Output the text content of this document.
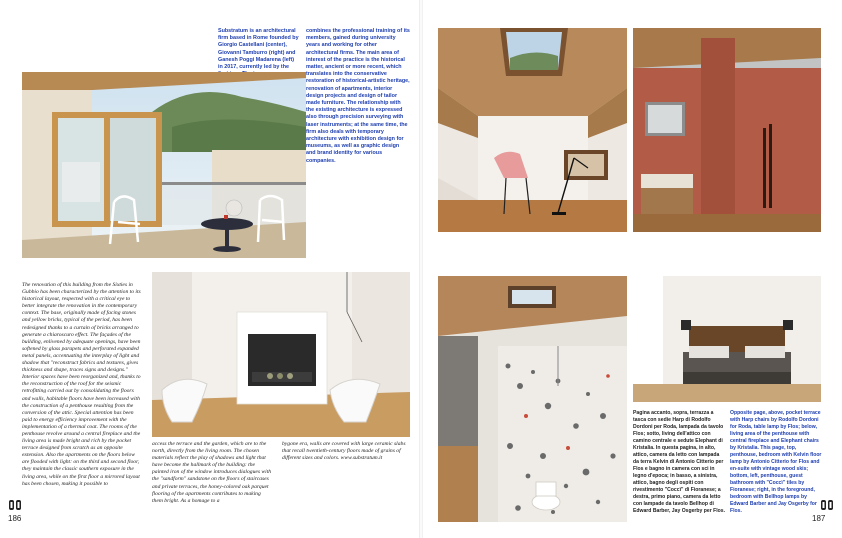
Substratum is an architectural firm based in Rome founded by Giorgio Castellani (center), Giovanni Tamburro (right) and Ganesh Poggi Madarena (left) in 2017, currently led by the

combines the professional training of its members, gained during university years and working for other architectural firms. The main area of interest of the practice is the historical matter, ancient or more recent, which translates into the conservative restoration of historical-artistic heritage, renovation of apartments, interior design projects and design of tailor made furniture. The relationship with the existing architecture is expressed also through precision surveying with laser instruments; at the same time, the firm also deals with temporary architecture with exhibition design for museums, as well as graphic design and brand identity for various companies.

The renovation of this building from the Sixties in Gubbio has been characterized by the attention to its historical layout, respected with a critical eye to better integrate the renovation in the contemporary context. The base, originally made of facing stones and yellow bricks, typical of the period, has been redesigned thanks to a curtain of bricks arranged to generate a chiaroscuro effect. The façades of the building, enlivened by adequate openings, have been softened by glass parapets and perforated expanded metal panels, accentuating the interplay of light and shadow that "reconstruct fabrics and textures, gives thickness and shape, traces signs and designs." Interior spaces have been reorganized and, thanks to the reconstruction of the roof for the seismic retrofitting carried out by consolidating the floors and walls, habitable floors have been increased with the construction of a penthouse resulting from the conversion of the attic. Special attention has been paid to energy efficiency improvement with the implementation of a thermal coat. The rooms of the penthouse revolve around a central fireplace and the living area is made bright and rich by the pocket terrace designed from scratch as an opposite extension. Also the apartments on the floors below are flooded with light: on the third and second floor, they maintain the classic southern exposure in the living area, while on the first floor a mirrored layout has been chosen, making it possible to

access the terrace and the garden, which are to the north, directly from the living room. The chosen materials reflect the play of shadows and light that have become the hallmark of the building: the painted iron of the window introduces dialogues with the "sandform" sandstone on the floors of staircases and private terraces, the honey-colored oak parquet flooring of the apartments contributes to making them bright. As a homage to a

bygone era, walls are covered with large ceramic slabs that recall twentieth-century floors made of grains of different sizes and colors. www.substratum.it

186

Pagina accanto, sopra, terrazza a tasca con sedie Harp di Rodolfo Dordoni per Roda, lampada da tavolo Flos; sotto, living dell'attico con camino centrale e sedute Elephant di Kristalia. In questa pagina, in alto, attico, camera da letto con lampada da terra Kelvin di Antonio Citterio per Flos e bagno in camera con sci in legno d'epoca; in basso, a sinistra, attico, bagno degli ospiti con rivestimento "Coccì" di Fioranese; a destra, primo piano, camera da letto con lampade da tavolo Bellhop di Edward Barber, Jay Osgerby per Flos.

Opposite page, above, pocket terrace with Harp chairs by Rodolfo Dordoni for Roda, table lamp by Flos; below, living area of the penthouse with central fireplace and Elephant chairs by Kristalia. This page, top, penthouse, bedroom with Kelvin floor lamp by Antonio Citterio for Flos and en-suite with vintage wood skis; bottom, left, penthouse, guest bathroom with "Coccì" tiles by Fioranese; right, in the foreground, bedroom with Bellhop lamps by Edward Barber and Jay Osgerby for Flos.

187
